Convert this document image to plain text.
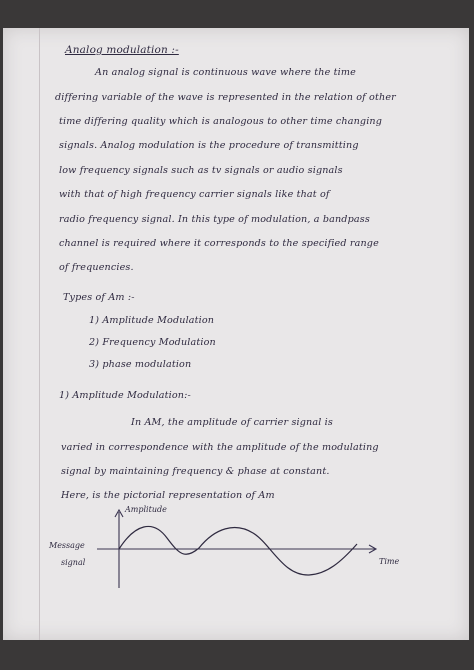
Analog modulation :-
An analog signal is continuous wave where the time
differing variable of the wave is represented in the relation of other
time differing quality which is analogous to other time changing
signals. Analog modulation is the procedure of transmitting
low frequency signals such as tv signals or audio signals
with that of high frequency carrier signals like that of
radio frequency signal. In this type of modulation, a bandpass
channel is required where it corresponds to the specified range
of frequencies.
Types of Am :-
1) Amplitude Modulation
2) Frequency Modulation
3) phase modulation
1) Amplitude Modulation:-
In AM, the amplitude of carrier signal is
varied in correspondence with the amplitude of the modulating
signal by maintaining frequency & phase at constant.
Here, is the pictorial representation of Am
Amplitude
Time
Message
signal
